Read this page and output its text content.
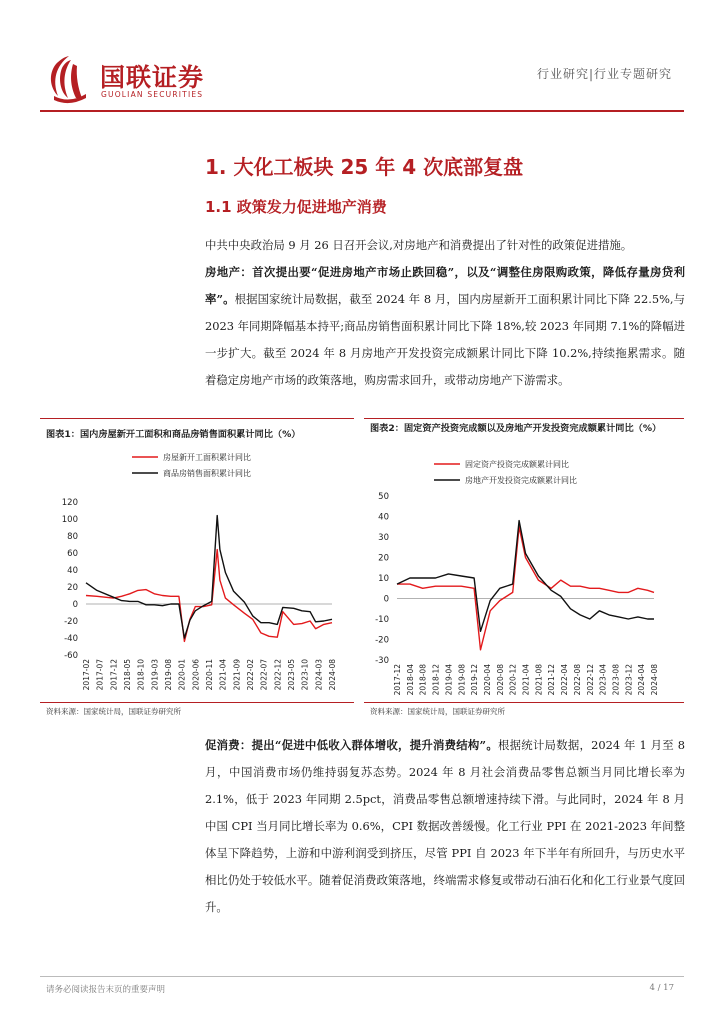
国联证券
GUOLIAN SECURITIES
行业研究|行业专题研究
1. 大化工板块 25 年 4 次底部复盘
1.1 政策发力促进地产消费
中共中央政治局 9 月 26 日召开会议,对房地产和消费提出了针对性的政策促进措施。
房地产：首次提出要“促进房地产市场止跌回稳”，以及“调整住房限购政策，降低存量房贷利率”。根据国家统计局数据，截至 2024 年 8 月，国内房屋新开工面积累计同比下降 22.5%,与 2023 年同期降幅基本持平;商品房销售面积累计同比下降 18%,较 2023 年同期 7.1%的降幅进一步扩大。截至 2024 年 8 月房地产开发投资完成额累计同比下降 10.2%,持续拖累需求。随着稳定房地产市场的政策落地，购房需求回升，或带动房地产下游需求。
图表1：国内房屋新开工面积和商品房销售面积累计同比（%）
-60
-40
-20
0
20
40
60
80
100
120
2017-02 2017-07 2017-12 2018-05 2018-10 2019-03 2019-08 2020-01 2020-06 2020-11 2021-04 2021-09 2022-02 2022-07 2022-12 2023-05 2023-10 2024-03 2024-08
房屋新开工面积累计同比
商品房销售面积累计同比
资料来源：国家统计局，国联证券研究所
图表2：固定资产投资完成额以及房地产开发投资完成额累计同比（%）
-30
-20
-10
0
10
20
30
40
50
2017-12 2018-04 2018-08 2018-12 2019-04 2019-08 2019-12 2020-04 2020-08 2020-12 2021-04 2021-08 2021-12 2022-04 2022-08 2022-12 2023-04 2023-08 2023-12 2024-04 2024-08
固定资产投资完成额累计同比
房地产开发投资完成额累计同比
资料来源：国家统计局，国联证券研究所
促消费：提出“促进中低收入群体增收，提升消费结构”。根据统计局数据，2024 年 1 月至 8 月，中国消费市场仍维持弱复苏态势。2024 年 8 月社会消费品零售总额当月同比增长率为 2.1%，低于 2023 年同期 2.5pct，消费品零售总额增速持续下滑。与此同时，2024 年 8 月中国 CPI 当月同比增长率为 0.6%，CPI 数据改善缓慢。化工行业 PPI 在 2021-2023 年间整体呈下降趋势，上游和中游利润受到挤压，尽管 PPI 自 2023 年下半年有所回升，与历史水平相比仍处于较低水平。随着促消费政策落地，终端需求修复或带动石油石化和化工行业景气度回升。
请务必阅读报告末页的重要声明	4 / 17
